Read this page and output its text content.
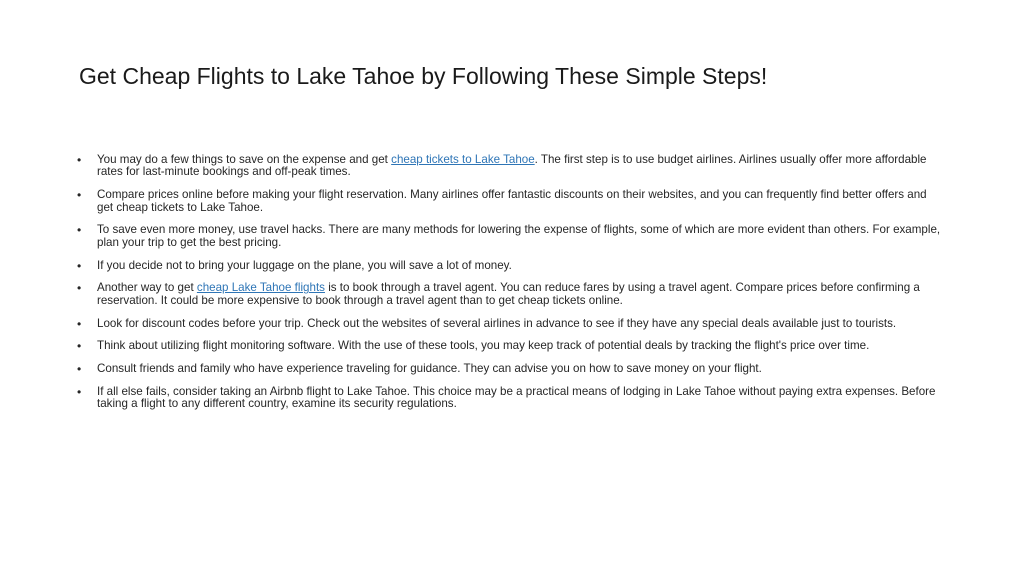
Get Cheap Flights to Lake Tahoe by Following These Simple Steps!
•	You may do a few things to save on the expense and get cheap tickets to Lake Tahoe. The first step is to use budget airlines. Airlines usually offer more affordable rates for last-minute bookings and off-peak times.
•	Compare prices online before making your flight reservation. Many airlines offer fantastic discounts on their websites, and you can frequently find better offers and get cheap tickets to Lake Tahoe.
•	To save even more money, use travel hacks. There are many methods for lowering the expense of flights, some of which are more evident than others. For example, plan your trip to get the best pricing.
•	If you decide not to bring your luggage on the plane, you will save a lot of money.
•	Another way to get cheap Lake Tahoe flights is to book through a travel agent. You can reduce fares by using a travel agent. Compare prices before confirming a reservation. It could be more expensive to book through a travel agent than to get cheap tickets online.
•	Look for discount codes before your trip. Check out the websites of several airlines in advance to see if they have any special deals available just to tourists.
•	Think about utilizing flight monitoring software. With the use of these tools, you may keep track of potential deals by tracking the flight's price over time.
•	Consult friends and family who have experience traveling for guidance. They can advise you on how to save money on your flight.
•	If all else fails, consider taking an Airbnb flight to Lake Tahoe. This choice may be a practical means of lodging in Lake Tahoe without paying extra expenses. Before taking a flight to any different country, examine its security regulations.
